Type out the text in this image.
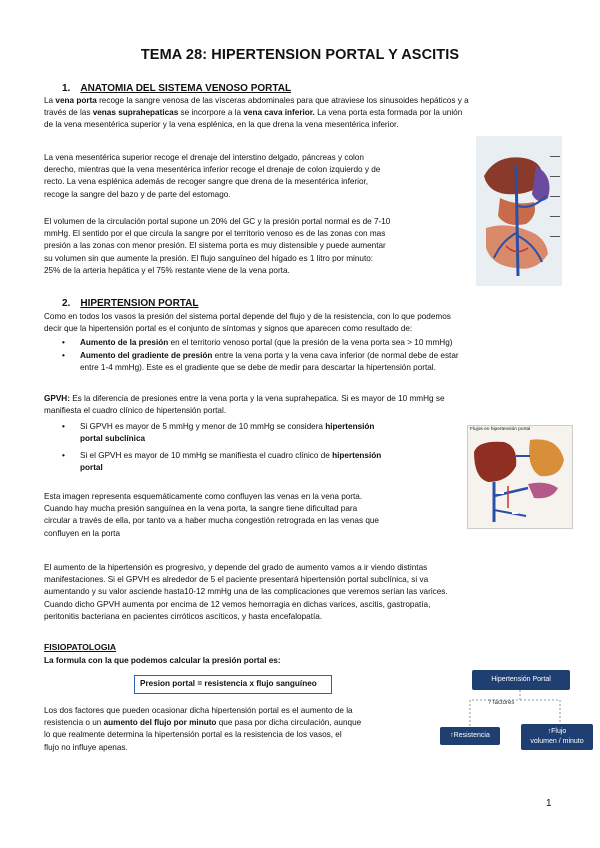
TEMA 28: HIPERTENSION PORTAL Y ASCITIS
1. ANATOMIA DEL SISTEMA VENOSO PORTAL
La vena porta recoge la sangre venosa de las vísceras abdominales para que atraviese los sinusoides hepáticos y a
través de las venas suprahepaticas se incorpore a la vena cava inferior. La vena porta esta formada por la unión
de la vena mesentérica superior y la vena esplénica, en la que drena la vena mesentérica inferior.
La vena mesentérica superior recoge el drenaje del interstino delgado, páncreas y colon
derecho, mientras que la vena mesentérica inferior recoge el drenaje de colon izquierdo y de
recto. La vena esplénica además de recoger sangre que drena de la mesentérica inferior,
recoge la sangre del bazo y de parte del estomago.
El volumen de la circulación portal supone un 20% del GC y la presión portal normal es de 7-10
mmHg. El sentido por el que circula la sangre por el territorio venoso es de las zonas con mas
presión a las zonas con menor presión. El sistema porta es muy distensible y puede aumentar
su volumen sin que aumente la presión. El flujo sanguíneo del hígado es 1 litro por minuto:
25% de la arteria hepática y el 75% restante viene de la vena porta.
2. HIPERTENSION PORTAL
Como en todos los vasos la presión del sistema portal depende del flujo y de la resistencia, con lo que podemos
decir que la hipertensión portal es el conjunto de síntomas y signos que aparecen como resultado de:
• Aumento de la presión en el territorio venoso portal (que la presión de la vena porta sea > 10 mmHg)
• Aumento del gradiente de presión entre la vena porta y la vena cava inferior (de normal debe de estar
entre 1-4 mmHg). Este es el gradiente que se debe de medir para descartar la hipertensión portal.
GPVH: Es la diferencia de presiones entre la vena porta y la vena suprahepatica. Si es mayor de 10 mmHg se
manifiesta el cuadro clínico de hipertensión portal.
• Si GPVH es mayor de 5 mmHg y menor de 10 mmHg se considera hipertensión
portal subclínica
• Si el GPVH es mayor de 10 mmHg se manifiesta el cuadro clínico de hipertensión
portal
Flujos en hipertensión portal
Esta imagen representa esquemáticamente como confluyen las venas en la vena porta.
Cuando hay mucha presión sanguínea en la vena porta, la sangre tiene dificultad para
circular a través de ella, por tanto va a haber mucha congestión retrograda en las venas que
confluyen en la porta
El aumento de la hipertensión es progresivo, y depende del grado de aumento vamos a ir viendo distintas
manifestaciones. Si el GPVH es alrededor de 5 el paciente presentará hipertensión portal subclínica, si va
aumentando y su valor asciende hasta10-12 mmHg una de las complicaciones que veremos serían las varices.
Cuando dicho GPVH aumenta por encima de 12 vemos hemorragia en dichas varices, ascitis, gastropatía,
peritonitis bacteriana en pacientes cirróticos ascíticos, y hasta encefalopatía.
FISIOPATOLOGIA
La formula con la que podemos calcular la presión portal es:
Presion portal = resistencia x flujo sanguíneo	Hipertensión Portal
? factores
↑Resistencia
↑Flujo
volumen / minuto
Los dos factores que pueden ocasionar dicha hipertensión portal es el aumento de la
resistencia o un aumento del flujo por minuto que pasa por dicha circulación, aunque
lo que realmente determina la hipertensión portal es la resistencia de los vasos, el
flujo no influye apenas.
1
